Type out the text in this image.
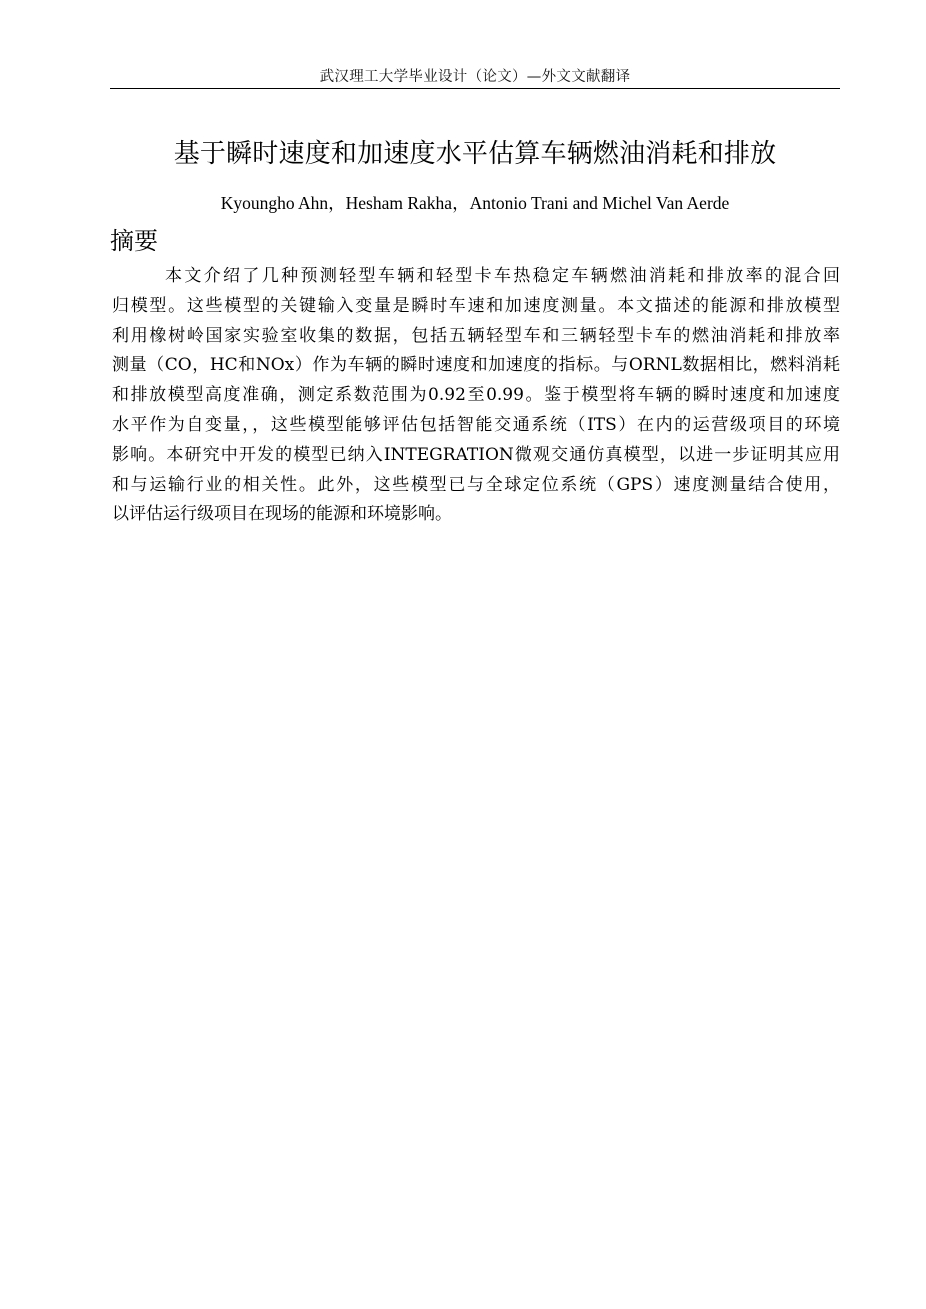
武汉理工大学毕业设计（论文）—外文文献翻译
基于瞬时速度和加速度水平估算车辆燃油消耗和排放
Kyoungho Ahn，Hesham Rakha，Antonio Trani and Michel Van Aerde
摘要
本文介绍了几种预测轻型车辆和轻型卡车热稳定车辆燃油消耗和排放率的混合回
归模型。这些模型的关键输入变量是瞬时车速和加速度测量。本文描述的能源和排放模型
利用橡树岭国家实验室收集的数据，包括五辆轻型车和三辆轻型卡车的燃油消耗和排放率
测量（CO，HC和NOx）作为车辆的瞬时速度和加速度的指标。与ORNL数据相比，燃料消耗
和排放模型高度准确，测定系数范围为0.92至0.99。鉴于模型将车辆的瞬时速度和加速度
水平作为自变量，，这些模型能够评估包括智能交通系统（ITS）在内的运营级项目的环境
影响。本研究中开发的模型已纳入INTEGRATION微观交通仿真模型，以进一步证明其应用
和与运输行业的相关性。此外，这些模型已与全球定位系统（GPS）速度测量结合使用，
以评估运行级项目在现场的能源和环境影响。
